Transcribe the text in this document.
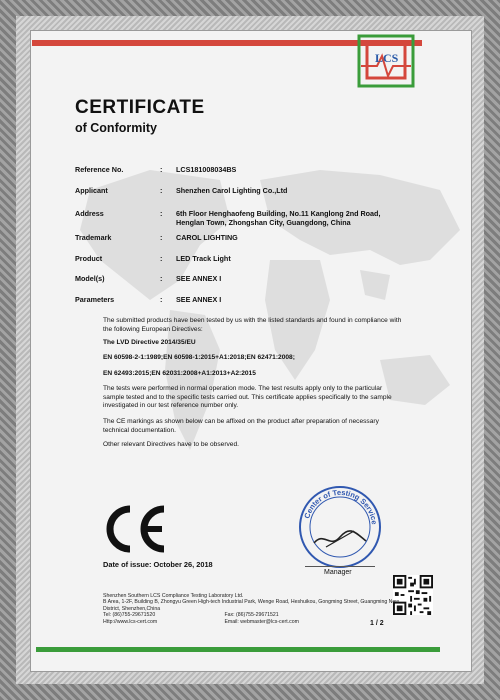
LCS
CERTIFICATE
of Conformity
Reference No.	: LCS181008034BS
Applicant	: Shenzhen Carol Lighting Co.,Ltd
Address	: 6th Floor Henghaofeng Building, No.11 Kanglong 2nd Road, Henglan Town, Zhongshan City, Guangdong, China
Trademark	: CAROL LIGHTING
Product	: LED Track Light
Model(s)	: SEE ANNEX I
Parameters	: SEE ANNEX I
The submitted products have been tested by us with the listed standards and found in compliance with the following European Directives:
The LVD Directive 2014/35/EU
EN 60598-2-1:1989;EN 60598-1:2015+A1:2018;EN 62471:2008;
EN 62493:2015;EN 62031:2008+A1:2013+A2:2015
The tests were performed in normal operation mode. The test results apply only to the particular sample tested and to the specific tests carried out. This certificate applies specifically to the sample investigated in our test reference number only.
The CE markings as shown below can be affixed on the product after preparation of necessary technical documentation.
Other relevant Directives have to be observed.
Date of issue: October 26, 2018
Center of Testing Service
Manager
Shenzhen Southern LCS Compliance Testing Laboratory Ltd.
B Area, 1-2F, Building B, Zhongyu Green High-tech Industrial Park, Wenge Road, Heshuikou, Gongming Street, Guangming New District, Shenzhen,China
Tel: (86)755-29671520	Fax: (86)755-29671521
Http://www.lcs-cert.com	Email: webmaster@lcs-cert.com	1 / 2
